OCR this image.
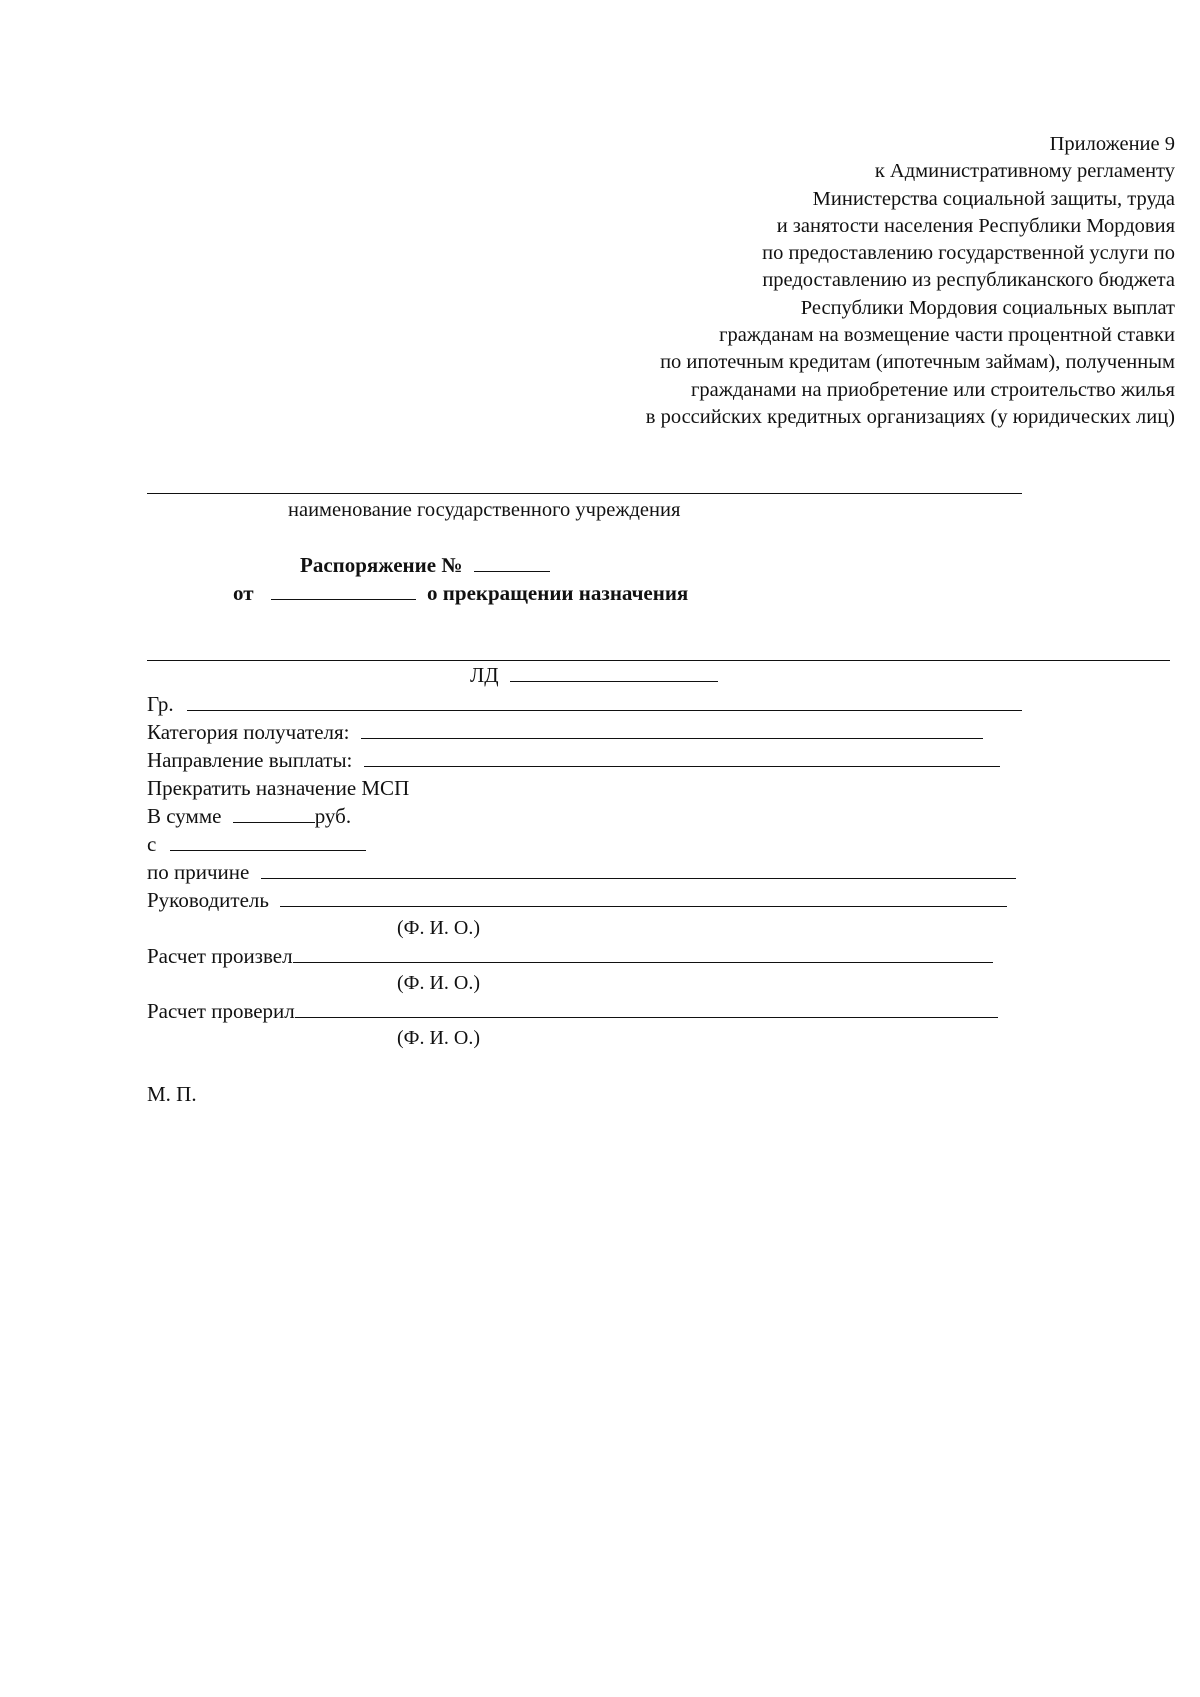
Приложение 9
к Административному регламенту
Министерства социальной защиты, труда
и занятости населения Республики Мордовия
по предоставлению государственной услуги по
предоставлению из республиканского бюджета
Республики Мордовия социальных выплат
гражданам на возмещение части процентной ставки
по ипотечным кредитам (ипотечным займам), полученным
гражданами на приобретение или строительство жилья
в российских кредитных организациях (у юридических лиц)
наименование государственного учреждения
Распоряжение №
от	о прекращении назначения
ЛД
Гр.
Категория получателя:
Направление выплаты:
Прекратить назначение МСП
В сумме	руб.
с
по причине
Руководитель
(Ф. И. О.)
Расчет произвел
(Ф. И. О.)
Расчет проверил
(Ф. И. О.)
М. П.
